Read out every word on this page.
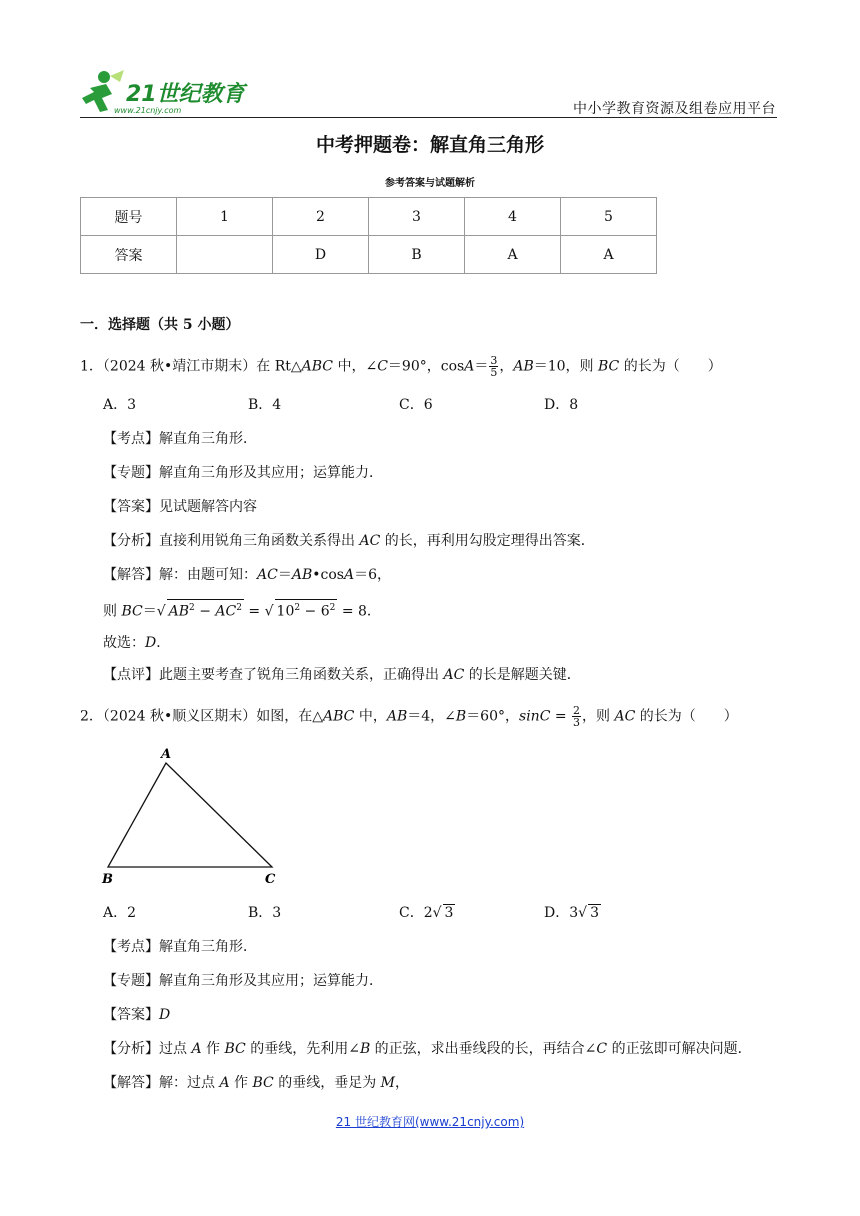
21世纪教育
www.21cnjy.com	中小学教育资源及组卷应用平台
中考押题卷：解直角三角形
参考答案与试题解析
题号	1	2	3	4	5
答案		D	B	A	A
一．选择题（共 5 小题）
1．（2024 秋•靖江市期末）在 Rt△ABC 中，∠C＝90°，$\cos A= \frac{3}{5}$ ，AB＝10，则 BC 的长为（　　）
A．3	B．4	C．6	D．8
【考点】解直角三角形．
【专题】解直角三角形及其应用；运算能力．
【答案】见试题解答内容
【分析】直接利用锐角三角函数关系得出 AC 的长，再利用勾股定理得出答案．
【解答】解：由题可知：AC＝AB•cosA＝6，
则 BC＝√ $AB^2 - AC^2$ = √ $10^2 - 6^2 = 8$．
故选：D．
【点评】此题主要考查了锐角三角函数关系，正确得出 AC 的长是解题关键．
2．（2024 秋•顺义区期末）如图，在△ABC 中，AB＝4，∠B＝60°，$\sin C = \frac{2}{3}$ ，则 AC 的长为（　　）
A
B	C
A．2	B．3	C．2√ 3	D．3√ 3
【考点】解直角三角形．
【专题】解直角三角形及其应用；运算能力．
【答案】D
【分析】过点 A 作 BC 的垂线，先利用∠B 的正弦，求出垂线段的长，再结合∠C 的正弦即可解决问题．
【解答】解：过点 A 作 BC 的垂线，垂足为 M，
21 世纪教育网(www.21cnjy.com)
